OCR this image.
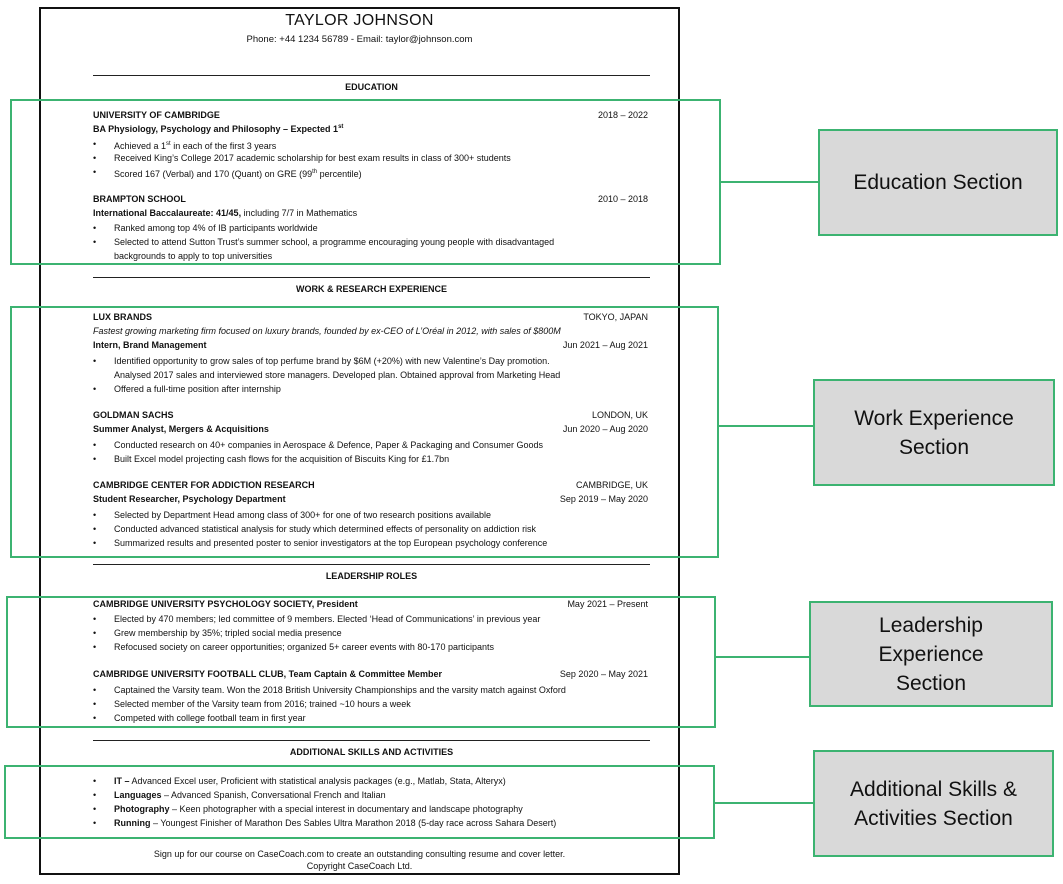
TAYLOR JOHNSON
Phone: +44 1234 56789 - Email: taylor@johnson.com
EDUCATION
UNIVERSITY OF CAMBRIDGE	2018 – 2022
BA Physiology, Psychology and Philosophy – Expected 1st
• Achieved a 1st in each of the first 3 years
• Received King’s College 2017 academic scholarship for best exam results in class of 300+ students
• Scored 167 (Verbal) and 170 (Quant) on GRE (99th percentile)
BRAMPTON SCHOOL	2010 – 2018
International Baccalaureate: 41/45, including 7/7 in Mathematics
• Ranked among top 4% of IB participants worldwide
• Selected to attend Sutton Trust’s summer school, a programme encouraging young people with disadvantaged
backgrounds to apply to top universities
WORK & RESEARCH EXPERIENCE
LUX BRANDS	TOKYO, JAPAN
Fastest growing marketing firm focused on luxury brands, founded by ex-CEO of L’Oréal in 2012, with sales of $800M
Intern, Brand Management	Jun 2021 – Aug 2021
• Identified opportunity to grow sales of top perfume brand by $6M (+20%) with new Valentine’s Day promotion.
Analysed 2017 sales and interviewed store managers. Developed plan. Obtained approval from Marketing Head
• Offered a full-time position after internship
GOLDMAN SACHS	LONDON, UK
Summer Analyst, Mergers & Acquisitions	Jun 2020 – Aug 2020
• Conducted research on 40+ companies in Aerospace & Defence, Paper & Packaging and Consumer Goods
• Built Excel model projecting cash flows for the acquisition of Biscuits King for £1.7bn
CAMBRIDGE CENTER FOR ADDICTION RESEARCH	CAMBRIDGE, UK
Student Researcher, Psychology Department	Sep 2019 – May 2020
• Selected by Department Head among class of 300+ for one of two research positions available
• Conducted advanced statistical analysis for study which determined effects of personality on addiction risk
• Summarized results and presented poster to senior investigators at the top European psychology conference
LEADERSHIP ROLES
CAMBRIDGE UNIVERSITY PSYCHOLOGY SOCIETY, President	May 2021 – Present
• Elected by 470 members; led committee of 9 members. Elected ‘Head of Communications’ in previous year
• Grew membership by 35%; tripled social media presence
• Refocused society on career opportunities; organized 5+ career events with 80-170 participants
CAMBRIDGE UNIVERSITY FOOTBALL CLUB, Team Captain & Committee Member	Sep 2020 – May 2021
• Captained the Varsity team. Won the 2018 British University Championships and the varsity match against Oxford
• Selected member of the Varsity team from 2016; trained ~10 hours a week
• Competed with college football team in first year
ADDITIONAL SKILLS AND ACTIVITIES
• IT – Advanced Excel user, Proficient with statistical analysis packages (e.g., Matlab, Stata, Alteryx)
• Languages – Advanced Spanish, Conversational French and Italian
• Photography – Keen photographer with a special interest in documentary and landscape photography
• Running – Youngest Finisher of Marathon Des Sables Ultra Marathon 2018 (5-day race across Sahara Desert)
Sign up for our course on CaseCoach.com to create an outstanding consulting resume and cover letter.
Copyright CaseCoach Ltd.
Education Section
Work Experience
Section
Leadership
Experience
Section
Additional Skills &
Activities Section
